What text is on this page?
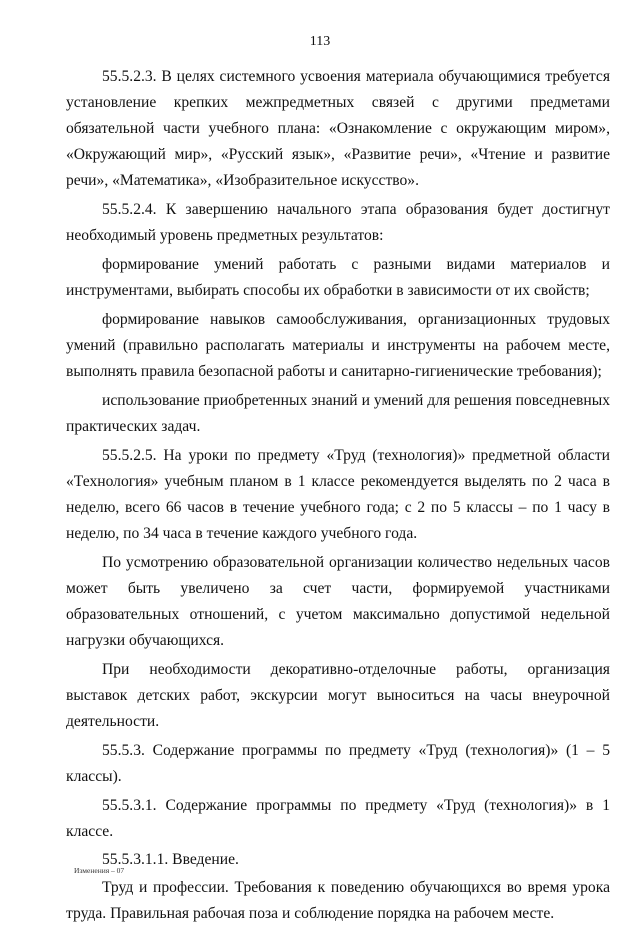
113

55.5.2.3. В целях системного усвоения материала обучающимися требуется установление крепких межпредметных связей с другими предметами обязательной части учебного плана: «Ознакомление с окружающим миром», «Окружающий мир», «Русский язык», «Развитие речи», «Чтение и развитие речи», «Математика», «Изобразительное искусство».

55.5.2.4. К завершению начального этапа образования будет достигнут необходимый уровень предметных результатов:

формирование умений работать с разными видами материалов и инструментами, выбирать способы их обработки в зависимости от их свойств;

формирование навыков самообслуживания, организационных трудовых умений (правильно располагать материалы и инструменты на рабочем месте, выполнять правила безопасной работы и санитарно-гигиенические требования);

использование приобретенных знаний и умений для решения повседневных практических задач.

55.5.2.5. На уроки по предмету «Труд (технология)» предметной области «Технология» учебным планом в 1 классе рекомендуется выделять по 2 часа в неделю, всего 66 часов в течение учебного года; с 2 по 5 классы – по 1 часу в неделю, по 34 часа в течение каждого учебного года.

По усмотрению образовательной организации количество недельных часов может быть увеличено за счет части, формируемой участниками образовательных отношений, с учетом максимально допустимой недельной нагрузки обучающихся.

При необходимости декоративно-отделочные работы, организация выставок детских работ, экскурсии могут выноситься на часы внеурочной деятельности.

55.5.3. Содержание программы по предмету «Труд (технология)» (1 – 5 классы).

55.5.3.1. Содержание программы по предмету «Труд (технология)» в 1 классе.

55.5.3.1.1. Введение.

Труд и профессии. Требования к поведению обучающихся во время урока труда. Правильная рабочая поза и соблюдение порядка на рабочем месте.

Изменения – 07
